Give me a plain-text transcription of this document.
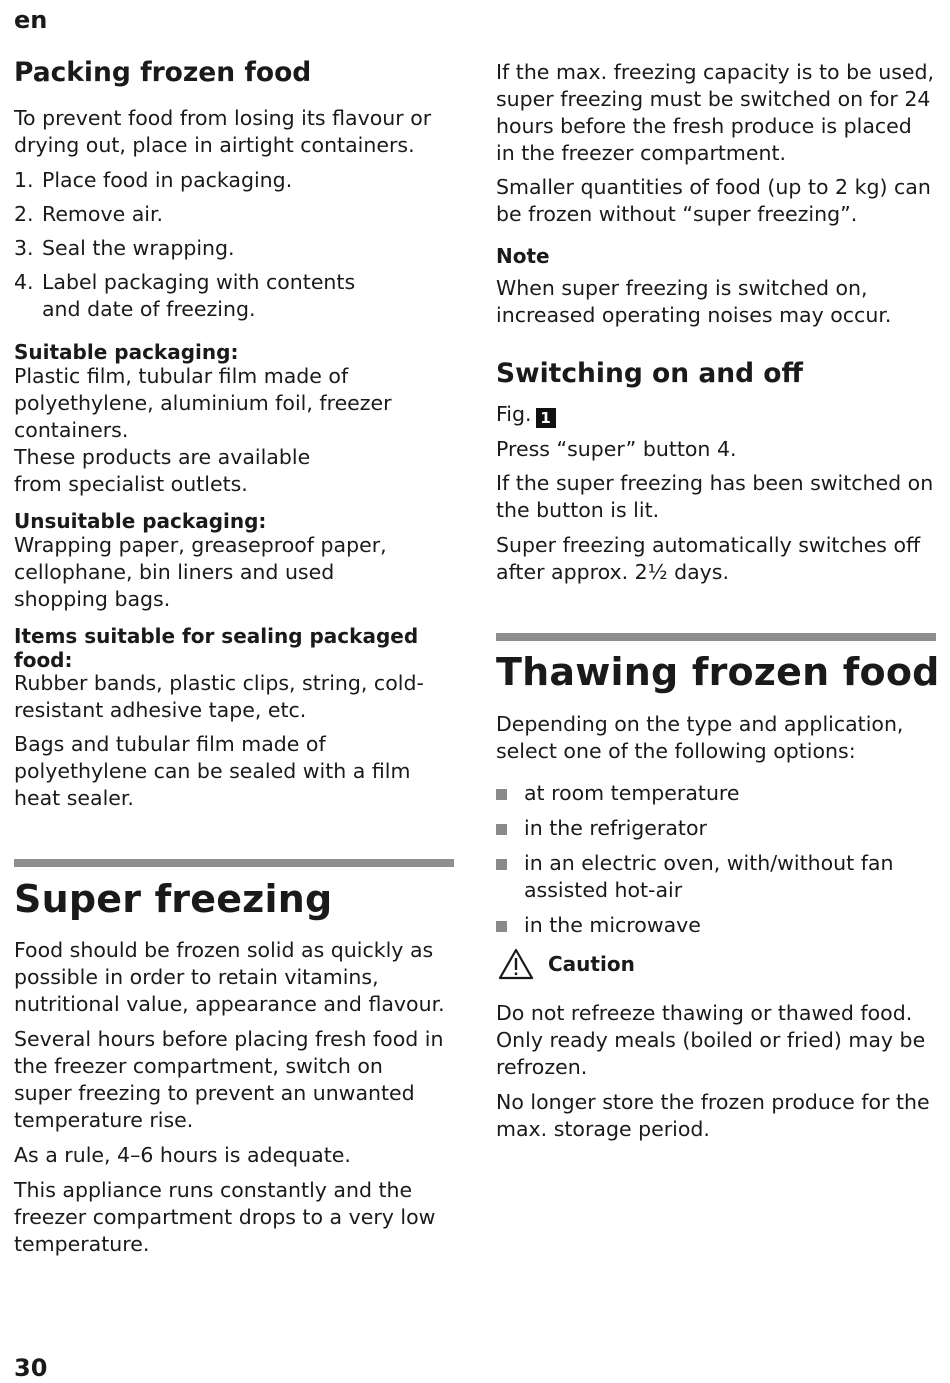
en
Packing frozen food

To prevent food from losing its flavour or drying out, place in airtight containers.

1. Place food in packaging.
2. Remove air.
3. Seal the wrapping.
4. Label packaging with contents and date of freezing.
Suitable packaging:

Plastic film, tubular film made of polyethylene, aluminium foil, freezer containers.

These products are available from specialist outlets.

Unsuitable packaging:

Wrapping paper, greaseproof paper, cellophane, bin liners and used shopping bags.

Items suitable for sealing packaged food:

Rubber bands, plastic clips, string, cold-resistant adhesive tape, etc.

Bags and tubular film made of polyethylene can be sealed with a film heat sealer.

Super freezing

Food should be frozen solid as quickly as possible in order to retain vitamins, nutritional value, appearance and flavour.

Several hours before placing fresh food in the freezer compartment, switch on super freezing to prevent an unwanted temperature rise.

As a rule, 4–6 hours is adequate.

This appliance runs constantly and the freezer compartment drops to a very low temperature.

If the max. freezing capacity is to be used, super freezing must be switched on for 24 hours before the fresh produce is placed in the freezer compartment.

Smaller quantities of food (up to 2 kg) can be frozen without “super freezing”.

Note

When super freezing is switched on, increased operating noises may occur.

Switching on and off

Fig. 1

Press “super” button 4.

If the super freezing has been switched on the button is lit.

Super freezing automatically switches off after approx. 2½ days.

Thawing frozen food

Depending on the type and application, select one of the following options:

at room temperature
in the refrigerator
in an electric oven, with/without fan assisted hot-air
in the microwave
Caution

Do not refreeze thawing or thawed food. Only ready meals (boiled or fried) may be refrozen.

No longer store the frozen produce for the max. storage period.

30
